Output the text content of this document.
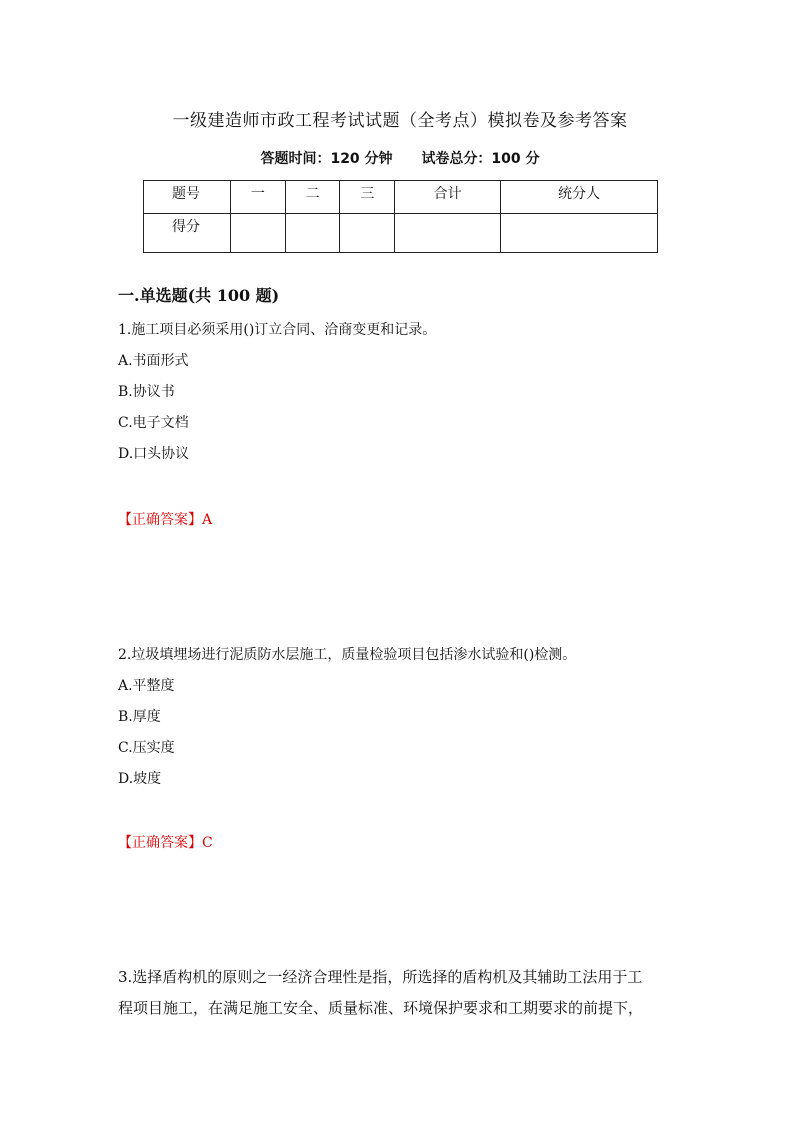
一级建造师市政工程考试试题（全考点）模拟卷及参考答案
答题时间：120 分钟 试卷总分：100 分
题号	一	二	三	合计	统分人
得分					
一.单选题(共 100 题)

1.施工项目必须采用()订立合同、洽商变更和记录。

A.书面形式

B.协议书

C.电子文档

D.口头协议

【正确答案】A

2.垃圾填埋场进行泥质防水层施工，质量检验项目包括渗水试验和()检测。

A.平整度

B.厚度

C.压实度

D.坡度

【正确答案】C
3.选择盾构机的原则之一经济合理性是指，所选择的盾构机及其辅助工法用于工
程项目施工，在满足施工安全、质量标准、环境保护要求和工期要求的前提下，
